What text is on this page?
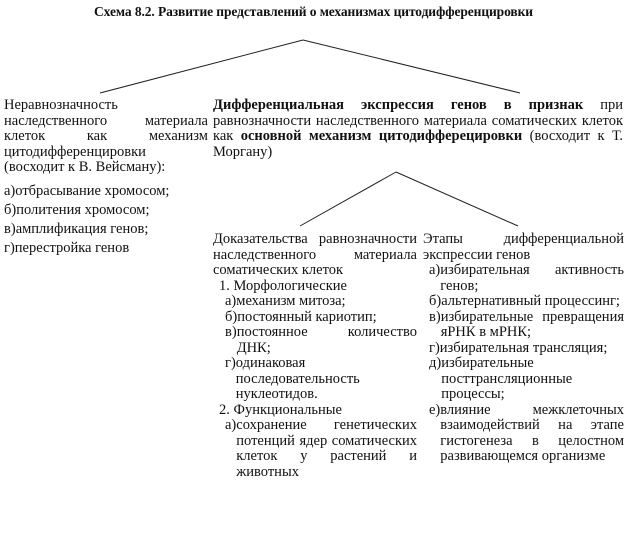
Схема 8.2. Развитие представлений о механизмах цитодифференцировки
Неравнозначность наследственного материала клеток как механизм цитодифференцировки (восходит к В. Вейсману):
а) отбрасывание хромосом;
б) политения хромосом;
в) амплификация генов;
г) перестройка генов
Дифференциальная экспрессия генов в признак при равнозначности наследственного материала соматических клеток как основной механизм цитодифферецировки (восходит к Т. Моргану)
Доказательства равнозначности наследственного материала соматических клеток
1. Морфологические
а) механизм митоза;
б) постоянный кариотип;
в) постоянное количество ДНК;
г) одинаковая последовательность нуклеотидов.
2. Функциональные
а) сохранение генетических потенций ядер соматических клеток у растений и животных
Этапы дифференциальной экспрессии генов
а) избирательная активность генов;
б) альтернативный процессинг;
в) избирательные превращения яРНК в мРНК;
г) избирательная трансляция;
д) избирательные посттрансляционные процессы;
е) влияние межклеточных взаимодействий на этапе гистогенеза в целостном развивающемся организме
